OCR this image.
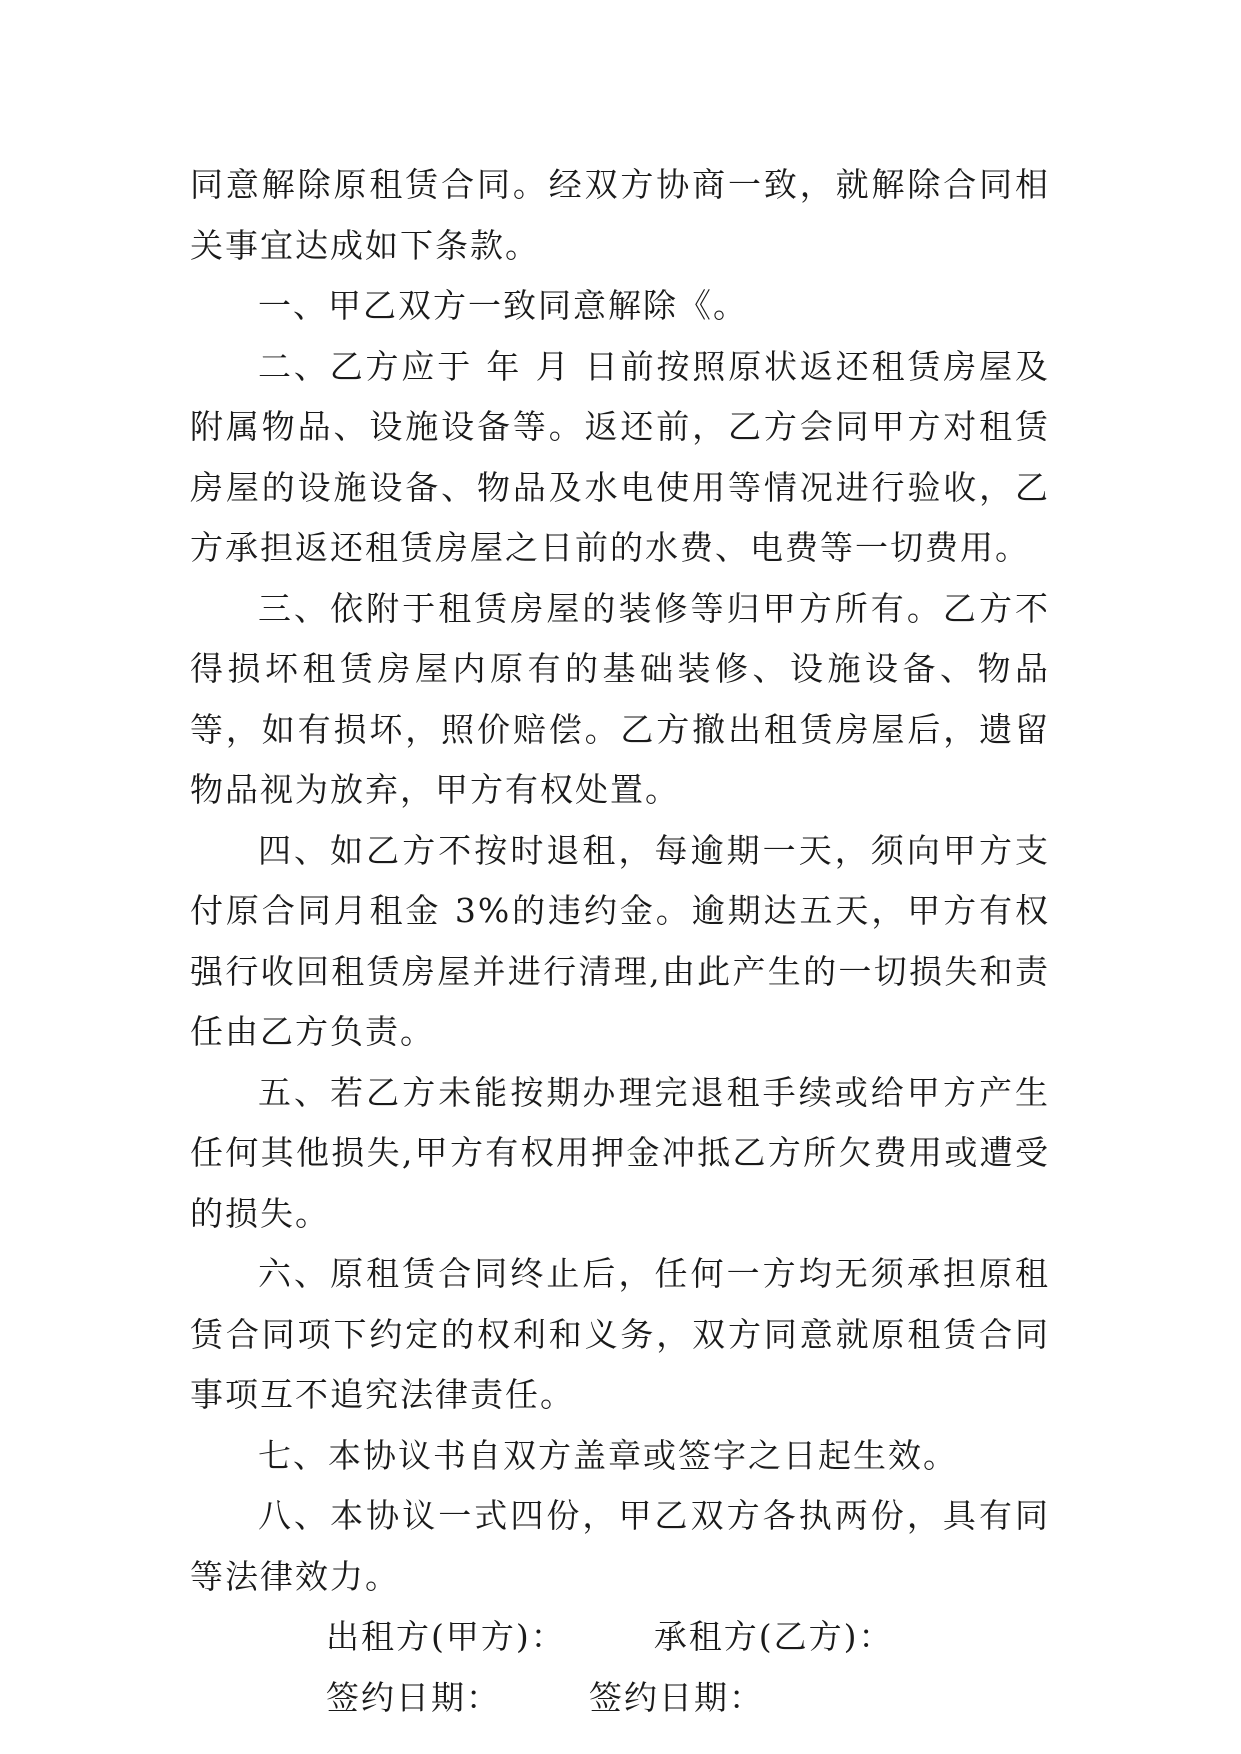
同意解除原租赁合同。经双方协商一致，就解除合同相关事宜达成如下条款。

一、甲乙双方一致同意解除《。

二、乙方应于 年 月 日前按照原状返还租赁房屋及附属物品、设施设备等。返还前，乙方会同甲方对租赁房屋的设施设备、物品及水电使用等情况进行验收，乙方承担返还租赁房屋之日前的水费、电费等一切费用。

三、依附于租赁房屋的装修等归甲方所有。乙方不得损坏租赁房屋内原有的基础装修、设施设备、物品等，如有损坏，照价赔偿。乙方撤出租赁房屋后，遗留物品视为放弃，甲方有权处置。

四、如乙方不按时退租，每逾期一天，须向甲方支付原合同月租金 3%的违约金。逾期达五天，甲方有权强行收回租赁房屋并进行清理,由此产生的一切损失和责任由乙方负责。

五、若乙方未能按期办理完退租手续或给甲方产生任何其他损失,甲方有权用押金冲抵乙方所欠费用或遭受的损失。

六、原租赁合同终止后，任何一方均无须承担原租赁合同项下约定的权利和义务，双方同意就原租赁合同事项互不追究法律责任。

七、本协议书自双方盖章或签字之日起生效。

八、本协议一式四份，甲乙双方各执两份，具有同等法律效力。

出租方(甲方)：	承租方(乙方)：

签约日期：	签约日期：
